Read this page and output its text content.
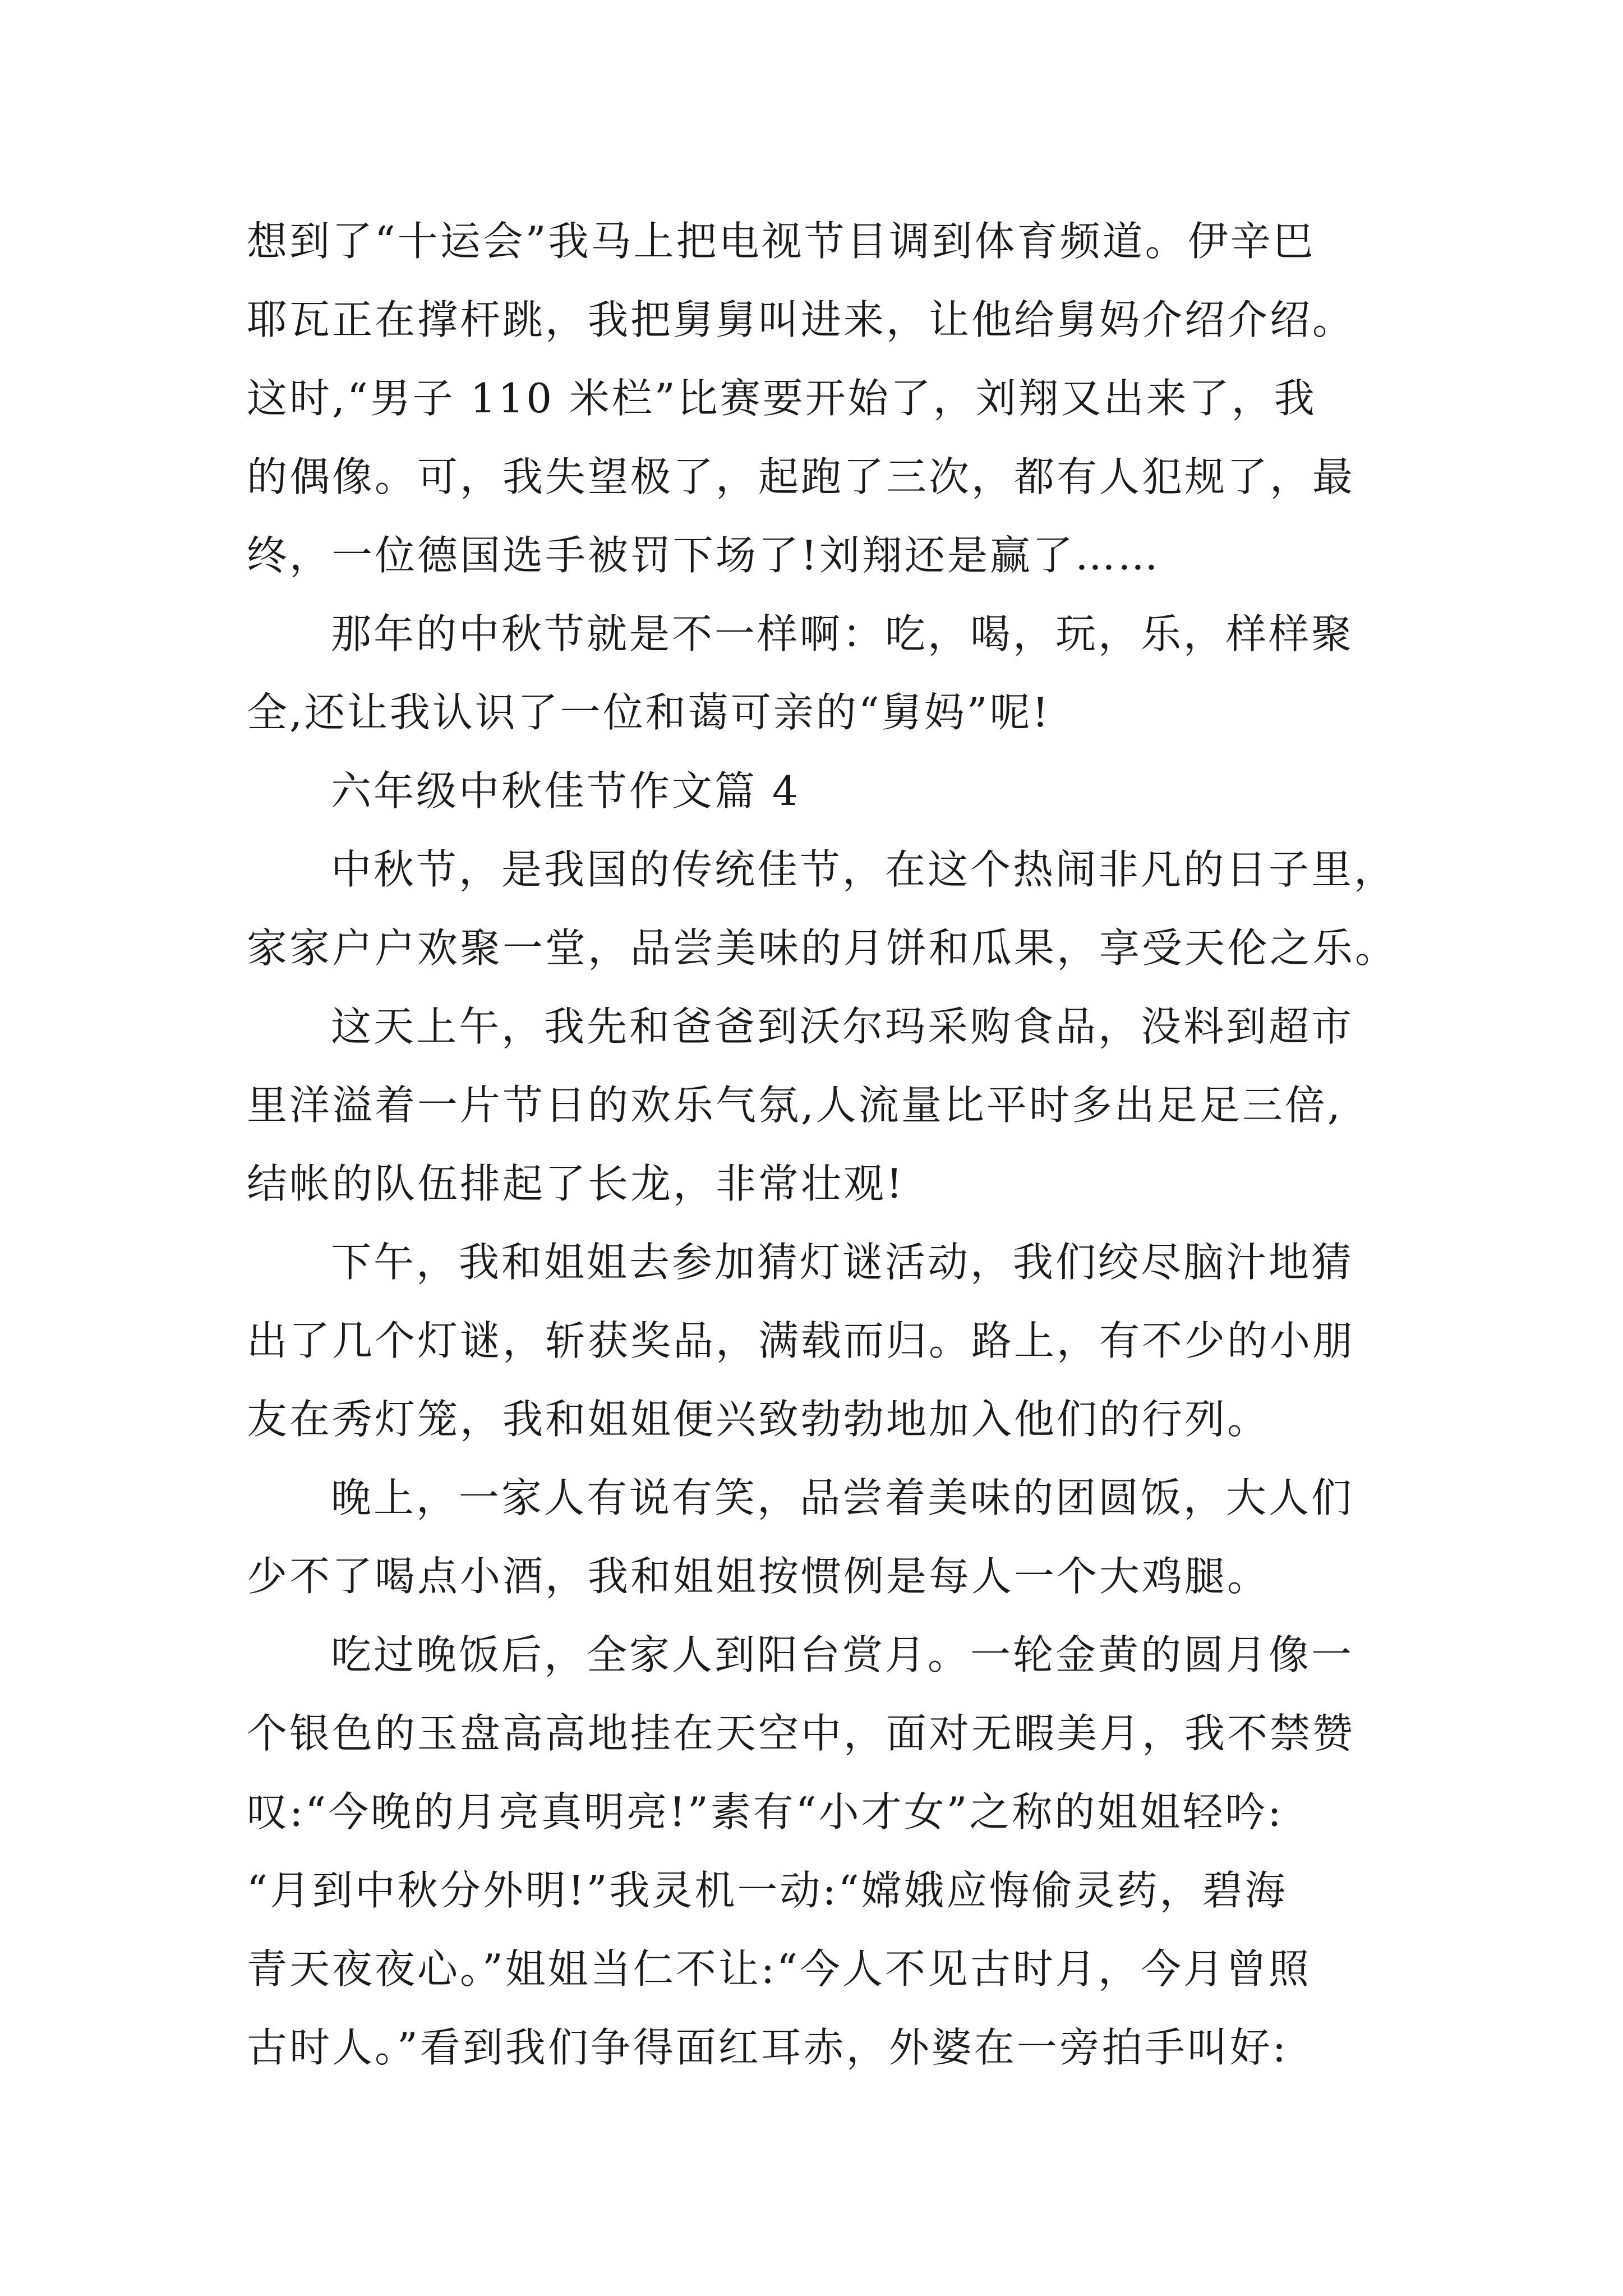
想到了“十运会”我马上把电视节目调到体育频道。伊辛巴
耶瓦正在撑杆跳，我把舅舅叫进来，让他给舅妈介绍介绍。
这时,“男子 110 米栏”比赛要开始了，刘翔又出来了，我
的偶像。可，我失望极了，起跑了三次，都有人犯规了，最
终，一位德国选手被罚下场了!刘翔还是赢了……
那年的中秋节就是不一样啊：吃，喝，玩，乐，样样聚
全,还让我认识了一位和蔼可亲的“舅妈”呢!
六年级中秋佳节作文篇 4
中秋节，是我国的传统佳节，在这个热闹非凡的日子里，
家家户户欢聚一堂，品尝美味的月饼和瓜果，享受天伦之乐。
这天上午，我先和爸爸到沃尔玛采购食品，没料到超市
里洋溢着一片节日的欢乐气氛,人流量比平时多出足足三倍,
结帐的队伍排起了长龙，非常壮观!
下午，我和姐姐去参加猜灯谜活动，我们绞尽脑汁地猜
出了几个灯谜，斩获奖品，满载而归。路上，有不少的小朋
友在秀灯笼，我和姐姐便兴致勃勃地加入他们的行列。
晚上，一家人有说有笑，品尝着美味的团圆饭，大人们
少不了喝点小酒，我和姐姐按惯例是每人一个大鸡腿。
吃过晚饭后，全家人到阳台赏月。一轮金黄的圆月像一
个银色的玉盘高高地挂在天空中，面对无暇美月，我不禁赞
叹:“今晚的月亮真明亮!”素有“小才女”之称的姐姐轻吟:
“月到中秋分外明!”我灵机一动:“嫦娥应悔偷灵药，碧海
青天夜夜心。”姐姐当仁不让:“今人不见古时月，今月曾照
古时人。”看到我们争得面红耳赤，外婆在一旁拍手叫好:
